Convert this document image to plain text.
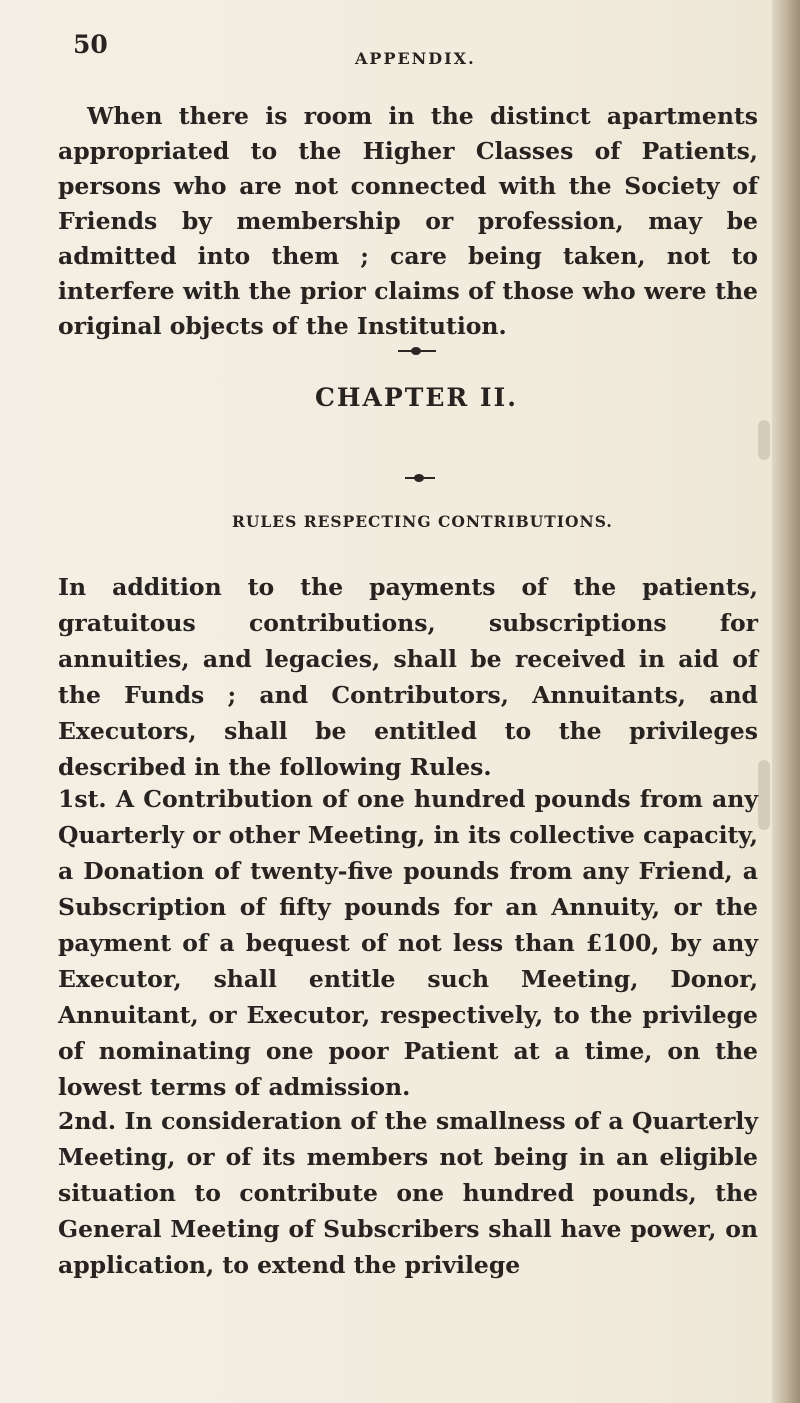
50	APPENDIX.
When there is room in the distinct apartments appropriated to the Higher Classes of Patients, persons who are not connected with the Society of Friends by membership or profession, may be admitted into them ; care being taken, not to interfere with the prior claims of those who were the original objects of the Institution.
CHAPTER II.
RULES RESPECTING CONTRIBUTIONS.
In addition to the payments of the patients, gratuitous contributions, subscriptions for annuities, and legacies, shall be received in aid of the Funds ; and Contributors, Annuitants, and Executors, shall be entitled to the privileges described in the following Rules.
1st. A Contribution of one hundred pounds from any Quarterly or other Meeting, in its collective capacity, a Donation of twenty-five pounds from any Friend, a Subscription of fifty pounds for an Annuity, or the payment of a bequest of not less than £100, by any Executor, shall entitle such Meeting, Donor, Annuitant, or Executor, respectively, to the privilege of nominating one poor Patient at a time, on the lowest terms of admission.
2nd. In consideration of the smallness of a Quarterly Meeting, or of its members not being in an eligible situation to contribute one hundred pounds, the General Meeting of Subscribers shall have power, on application, to extend the privilege
